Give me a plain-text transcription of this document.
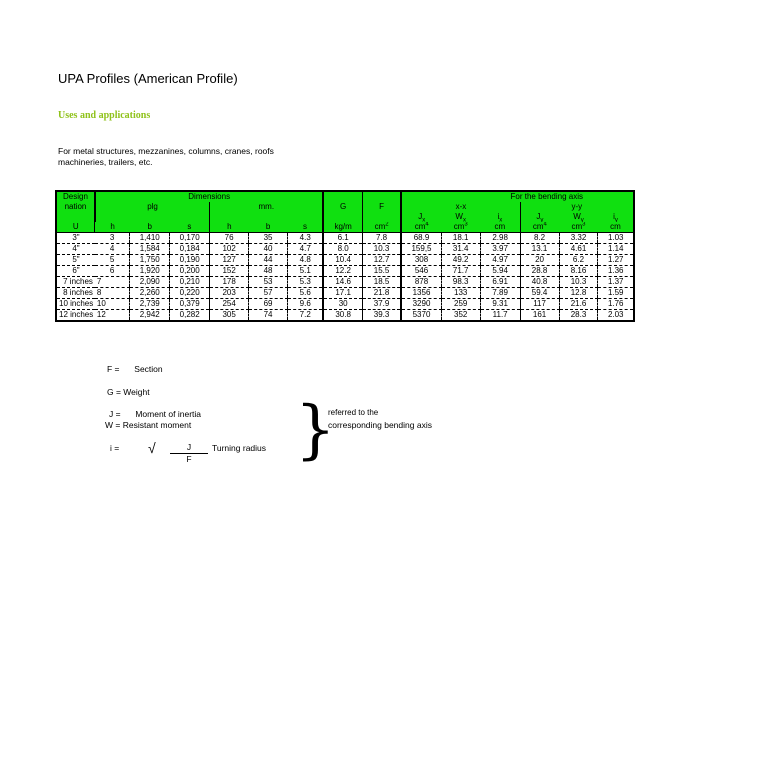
UPA Profiles (American Profile)
Uses and applications
For metal structures, mezzanines, columns, cranes, roofs
machineries, trailers, etc.
Design	Dimensions								For the bending axis					
nation	plg			mm.			G	F	x-x			y-y		
									$J_x$	$W_x$	$i_x$	$J_y$	$W_y$	$i_y$
U	h	b	s	h	b	s	kg/m	$cm^2$	$cm^4$	$cm^3$	cm	$cm^4$	$cm^3$	cm
3"	3	1,410	0,170	76	35	4.3	6.1	7.8	68.9	18.1	2.98	8.2	3.32	1.03
4"	4	1,584	0,184	102	40	4.7	8.0	10.3	159,5	31.4	3.97	13.1	4.61	1.14
5"	5	1,750	0,190	127	44	4.8	10.4	12.7	308	49.2	4.97	20	6.2	1.27
6"	6	1,920	0,200	152	48	5.1	12.2	15.5	546	71.7	5.94	28.8	8.16	1.36
7 inches	7	2,090	0,210	178	53	5.3	14.6	18.5	878	98.3	6.91	40.8	10.3	1.37
8 inches	8	2,260	0,220	203	57	5.6	17.1	21.8	1356	133	7.89	59.4	12.8	1.59
10 inches	10	2,739	0,379	254	69	9.6	30	37.9	3290	259	9.31	117	21.6	1.76
12 inches	12	2,942	0,282	305	74	7.2	30.8	39.3	5370	352	11.7	161	28.3	2.03
F = Section
G = Weight
J = Moment of inertia
W = Resistant moment
i = √ $\frac{J}{F}$ Turning radius }
referred to the
corresponding bending axis
